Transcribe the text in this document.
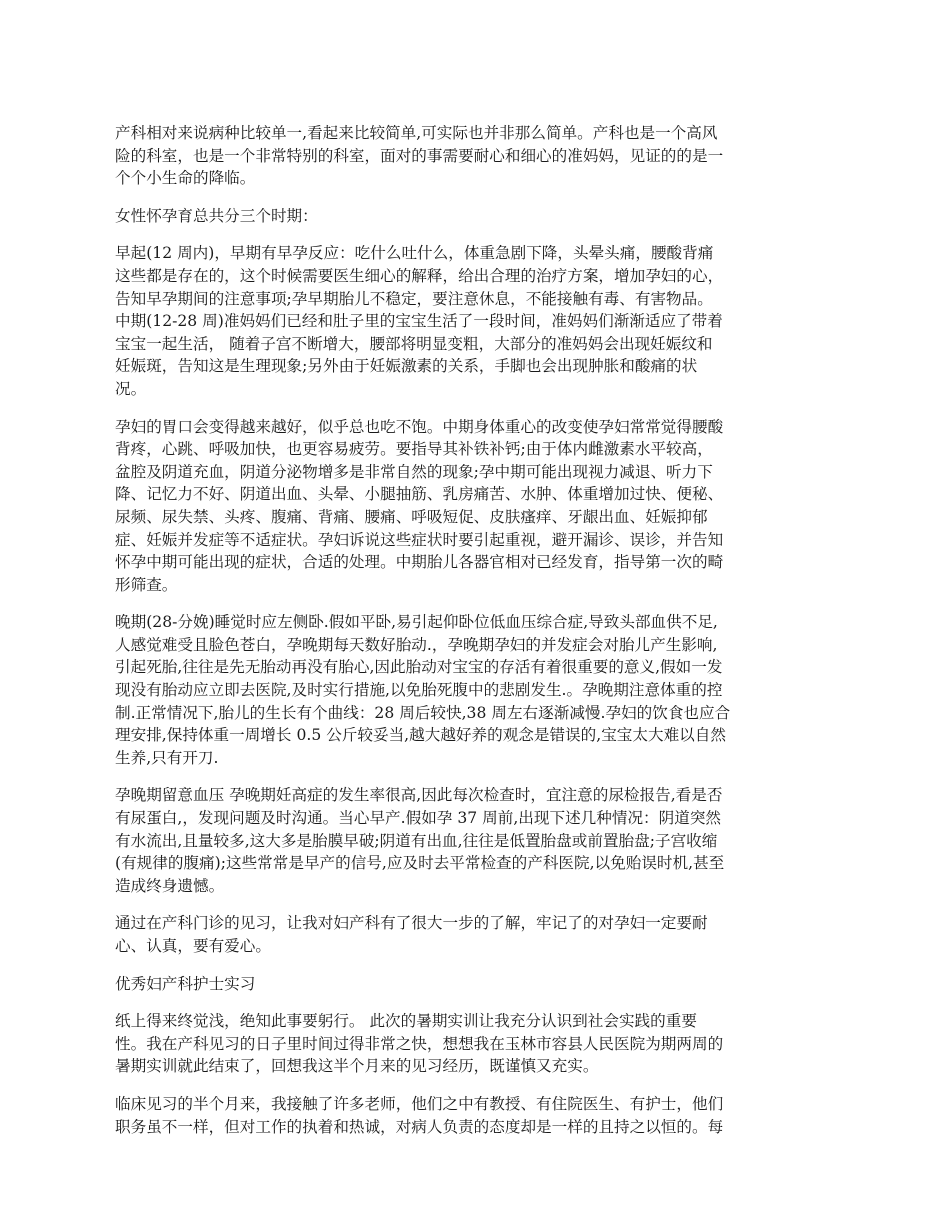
产科相对来说病种比较单一,看起来比较简单,可实际也并非那么简单。产科也是一个高风
险的科室，也是一个非常特别的科室，面对的事需要耐心和细心的准妈妈，见证的的是一
个个小生命的降临。

女性怀孕育总共分三个时期：

早起(12 周内)，早期有早孕反应：吃什么吐什么，体重急剧下降，头晕头痛，腰酸背痛
这些都是存在的，这个时候需要医生细心的解释，给出合理的治疗方案，增加孕妇的心，
告知早孕期间的注意事项;孕早期胎儿不稳定，要注意休息，不能接触有毒、有害物品。
中期(12-28 周)准妈妈们已经和肚子里的宝宝生活了一段时间，准妈妈们渐渐适应了带着
宝宝一起生活， 随着子宫不断增大，腰部将明显变粗，大部分的准妈妈会出现妊娠纹和
妊娠斑，告知这是生理现象;另外由于妊娠激素的关系，手脚也会出现肿胀和酸痛的状
况。

孕妇的胃口会变得越来越好，似乎总也吃不饱。中期身体重心的改变使孕妇常常觉得腰酸
背疼，心跳、呼吸加快，也更容易疲劳。要指导其补铁补钙;由于体内雌激素水平较高，
盆腔及阴道充血，阴道分泌物增多是非常自然的现象;孕中期可能出现视力减退、听力下
降、记忆力不好、阴道出血、头晕、小腿抽筋、乳房痛苦、水肿、体重增加过快、便秘、
尿频、尿失禁、头疼、腹痛、背痛、腰痛、呼吸短促、皮肤瘙痒、牙龈出血、妊娠抑郁
症、妊娠并发症等不适症状。孕妇诉说这些症状时要引起重视，避开漏诊、误诊，并告知
怀孕中期可能出现的症状，合适的处理。中期胎儿各器官相对已经发育，指导第一次的畸
形筛查。

晚期(28-分娩)睡觉时应左侧卧.假如平卧,易引起仰卧位低血压综合症,导致头部血供不足,
人感觉难受且脸色苍白，孕晚期每天数好胎动.，孕晚期孕妇的并发症会对胎儿产生影响,
引起死胎,往往是先无胎动再没有胎心,因此胎动对宝宝的存活有着很重要的意义,假如一发
现没有胎动应立即去医院,及时实行措施,以免胎死腹中的悲剧发生.。孕晚期注意体重的控
制.正常情况下,胎儿的生长有个曲线：28 周后较快,38 周左右逐渐减慢.孕妇的饮食也应合
理安排,保持体重一周增长 0.5 公斤较妥当,越大越好养的观念是错误的,宝宝太大难以自然
生养,只有开刀.

孕晚期留意血压 孕晚期妊高症的发生率很高,因此每次检查时，宜注意的尿检报告,看是否
有尿蛋白,，发现问题及时沟通。当心早产.假如孕 37 周前,出现下述几种情况：阴道突然
有水流出,且量较多,这大多是胎膜早破;阴道有出血,往往是低置胎盘或前置胎盘;子宫收缩
(有规律的腹痛);这些常常是早产的信号,应及时去平常检查的产科医院,以免贻误时机,甚至
造成终身遗憾。

通过在产科门诊的见习，让我对妇产科有了很大一步的了解，牢记了的对孕妇一定要耐
心、认真，要有爱心。

优秀妇产科护士实习

纸上得来终觉浅，绝知此事要躬行。 此次的暑期实训让我充分认识到社会实践的重要
性。我在产科见习的日子里时间过得非常之快，想想我在玉林市容县人民医院为期两周的
暑期实训就此结束了，回想我这半个月来的见习经历，既谨慎又充实。

临床见习的半个月来，我接触了许多老师，他们之中有教授、有住院医生、有护士，他们
职务虽不一样，但对工作的执着和热诚，对病人负责的态度却是一样的且持之以恒的。每
